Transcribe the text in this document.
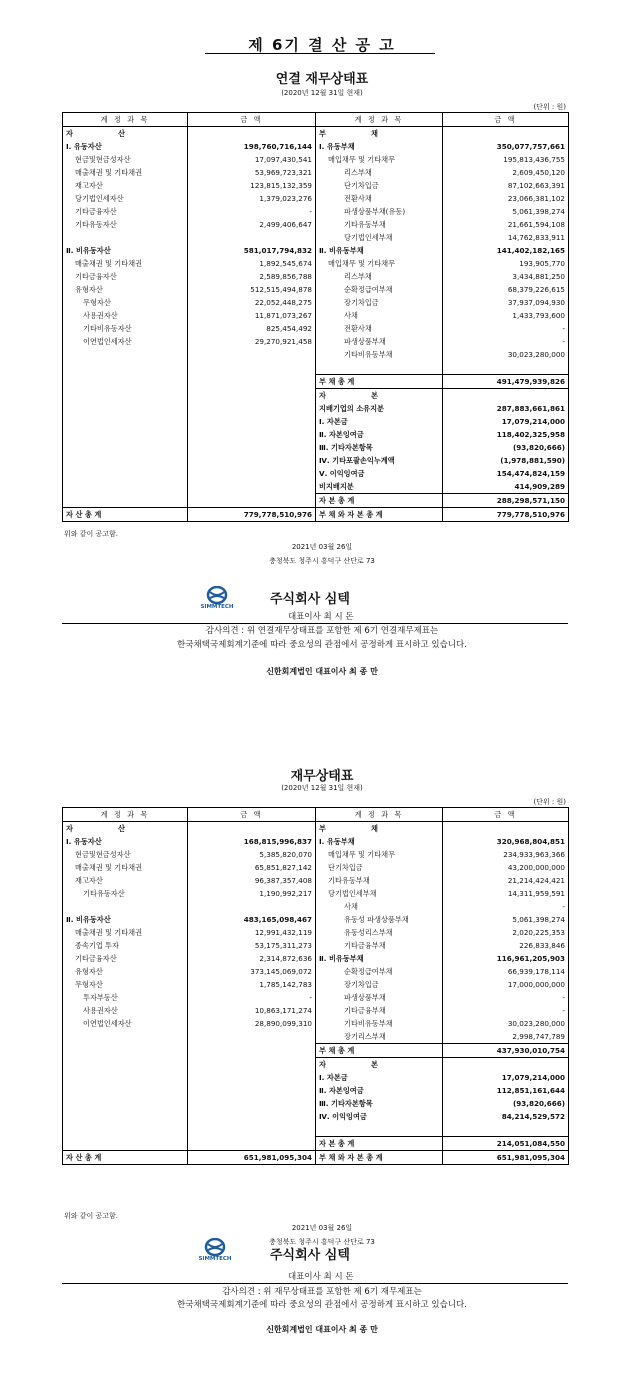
제 6기 결 산 공 고
연결 재무상태표
(2020년 12월 31일 현재)
(단위 : 원)
계 정 과 목	금 액	계 정 과 목	금 액
자                  산		부                  채	
Ⅰ. 유동자산	198,760,716,144	Ⅰ. 유동부채	350,077,757,661
현금및현금성자산	17,097,430,541	매입채무 및 기타채무	195,813,436,755
매출채권 및 기타채권	53,969,723,321	리스부채	2,609,450,120
재고자산	123,815,132,359	단기차입금	87,102,663,391
당기법인세자산	1,379,023,276	전환사채	23,066,381,102
기타금융자산	-	파생상품부채(유동)	5,061,398,274
기타유동자산	2,499,406,647	기타유동부채	21,661,594,108
		당기법인세부채	14,762,833,911
Ⅱ. 비유동자산	581,017,794,832	Ⅱ. 비유동부채	141,402,182,165
매출채권 및 기타채권	1,892,545,674	매입채무 및 기타채무	193,905,770
기타금융자산	2,589,856,788	리스부채	3,434,881,250
유형자산	512,515,494,878	순확정급여부채	68,379,226,615
무형자산	22,052,448,275	장기차입금	37,937,094,930
사용권자산	11,871,073,267	사채	1,433,793,600
기타비유동자산	825,454,492	전환사채	-
이연법인세자산	29,270,921,458	파생상품부채	-
		기타비유동부채	30,023,280,000

		부 채 총 계	491,479,939,826
		자                  본	
		지배기업의 소유지분	287,883,661,861
		Ⅰ. 자본금	17,079,214,000
		Ⅱ. 자본잉여금	118,402,325,958
		Ⅲ. 기타자본항목	(93,820,666)
		Ⅳ. 기타포괄손익누계액	(1,978,881,590)
		Ⅴ. 이익잉여금	154,474,824,159
		비지배지분	414,909,289
		자 본 총 계	288,298,571,150
자 산 총 계	779,778,510,976	부 채 와 자 본 총 계	779,778,510,976
위와 같이 공고함.
2021년 03월 26일
충청북도 청주시 흥덕구 산단로 73
SIMMTECH	주식회사 심텍
대표이사 최 시 돈
감사의견 : 위 연결재무상태표를 포함한 제 6기 연결재무제표는
한국채택국제회계기준에 따라 중요성의 관점에서 공정하게 표시하고 있습니다.
신한회계법인 대표이사 최 종 만
재무상태표
(2020년 12월 31일 현재)
(단위 : 원)
계 정 과 목	금 액	계 정 과 목	금 액
자                  산		부                  채	
Ⅰ. 유동자산	168,815,996,837	Ⅰ. 유동부채	320,968,804,851
현금및현금성자산	5,385,820,070	매입채무 및 기타채무	234,933,963,366
매출채권 및 기타채권	65,851,827,142	단기차입금	43,200,000,000
재고자산	96,387,357,408	기타유동부채	21,214,424,421
기타유동자산	1,190,992,217	당기법인세부채	14,311,959,591
		사채	-
Ⅱ. 비유동자산	483,165,098,467	유동성 파생상품부채	5,061,398,274
매출채권 및 기타채권	12,991,432,119	유동성리스부채	2,020,225,353
종속기업 투자	53,175,311,273	기타금융부채	226,833,846
기타금융자산	2,314,872,636	Ⅱ. 비유동부채	116,961,205,903
유형자산	373,145,069,072	순확정급여부채	66,939,178,114
무형자산	1,785,142,783	장기차입금	17,000,000,000
투자부동산	-	파생상품부채	-
사용권자산	10,863,171,274	기타금융부채	-
이연법인세자산	28,890,099,310	기타비유동부채	30,023,280,000
		장기리스부채	2,998,747,789
		부 채 총 계	437,930,010,754
		자                  본	
		Ⅰ. 자본금	17,079,214,000
		Ⅱ. 자본잉여금	112,851,161,644
		Ⅲ. 기타자본항목	(93,820,666)
		Ⅳ. 이익잉여금	84,214,529,572

		자 본 총 계	214,051,084,550
자 산 총 계	651,981,095,304	부 채 와 자 본 총 계	651,981,095,304
위와 같이 공고함.
2021년 03월 26일
충청북도 청주시 흥덕구 산단로 73
SIMMTECH	주식회사 심텍
대표이사 최 시 돈
감사의견 : 위 재무상태표를 포함한 제 6기 재무제표는
한국채택국제회계기준에 따라 중요성의 관점에서 공정하게 표시하고 있습니다.
신한회계법인 대표이사 최 종 만
